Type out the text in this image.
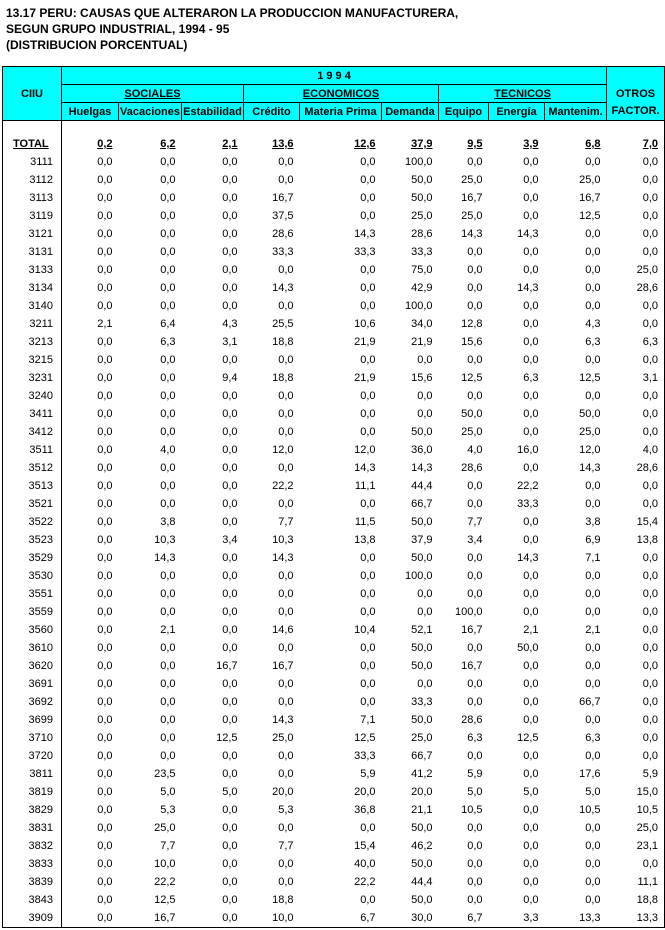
13.17 PERU: CAUSAS QUE ALTERARON LA PRODUCCION MANUFACTURERA,
SEGUN GRUPO INDUSTRIAL, 1994 - 95
(DISTRIBUCION PORCENTUAL)
CIIU	1 9 9 4									
	SOCIALES			ECONOMICOS			TECNICOS			OTROS
	Huelgas	Vacaciones	Estabilidad	Crédito	Materia Prima	Demanda	Equipo	Energía	Mantenim.	FACTOR.

TOTAL	0,2	6,2	2,1	13,6	12,6	37,9	9,5	3,9	6,8	7,0
3111	0,0	0,0	0,0	0,0	0,0	100,0	0,0	0,0	0,0	0,0
3112	0,0	0,0	0,0	0,0	0,0	50,0	25,0	0,0	25,0	0,0
3113	0,0	0,0	0,0	16,7	0,0	50,0	16,7	0,0	16,7	0,0
3119	0,0	0,0	0,0	37,5	0,0	25,0	25,0	0,0	12,5	0,0
3121	0,0	0,0	0,0	28,6	14,3	28,6	14,3	14,3	0,0	0,0
3131	0,0	0,0	0,0	33,3	33,3	33,3	0,0	0,0	0,0	0,0
3133	0,0	0,0	0,0	0,0	0,0	75,0	0,0	0,0	0,0	25,0
3134	0,0	0,0	0,0	14,3	0,0	42,9	0,0	14,3	0,0	28,6
3140	0,0	0,0	0,0	0,0	0,0	100,0	0,0	0,0	0,0	0,0
3211	2,1	6,4	4,3	25,5	10,6	34,0	12,8	0,0	4,3	0,0
3213	0,0	6,3	3,1	18,8	21,9	21,9	15,6	0,0	6,3	6,3
3215	0,0	0,0	0,0	0,0	0,0	0,0	0,0	0,0	0,0	0,0
3231	0,0	0,0	9,4	18,8	21,9	15,6	12,5	6,3	12,5	3,1
3240	0,0	0,0	0,0	0,0	0,0	0,0	0,0	0,0	0,0	0,0
3411	0,0	0,0	0,0	0,0	0,0	0,0	50,0	0,0	50,0	0,0
3412	0,0	0,0	0,0	0,0	0,0	50,0	25,0	0,0	25,0	0,0
3511	0,0	4,0	0,0	12,0	12,0	36,0	4,0	16,0	12,0	4,0
3512	0,0	0,0	0,0	0,0	14,3	14,3	28,6	0,0	14,3	28,6
3513	0,0	0,0	0,0	22,2	11,1	44,4	0,0	22,2	0,0	0,0
3521	0,0	0,0	0,0	0,0	0,0	66,7	0,0	33,3	0,0	0,0
3522	0,0	3,8	0,0	7,7	11,5	50,0	7,7	0,0	3,8	15,4
3523	0,0	10,3	3,4	10,3	13,8	37,9	3,4	0,0	6,9	13,8
3529	0,0	14,3	0,0	14,3	0,0	50,0	0,0	14,3	7,1	0,0
3530	0,0	0,0	0,0	0,0	0,0	100,0	0,0	0,0	0,0	0,0
3551	0,0	0,0	0,0	0,0	0,0	0,0	0,0	0,0	0,0	0,0
3559	0,0	0,0	0,0	0,0	0,0	0,0	100,0	0,0	0,0	0,0
3560	0,0	2,1	0,0	14,6	10,4	52,1	16,7	2,1	2,1	0,0
3610	0,0	0,0	0,0	0,0	0,0	50,0	0,0	50,0	0,0	0,0
3620	0,0	0,0	16,7	16,7	0,0	50,0	16,7	0,0	0,0	0,0
3691	0,0	0,0	0,0	0,0	0,0	0,0	0,0	0,0	0,0	0,0
3692	0,0	0,0	0,0	0,0	0,0	33,3	0,0	0,0	66,7	0,0
3699	0,0	0,0	0,0	14,3	7,1	50,0	28,6	0,0	0,0	0,0
3710	0,0	0,0	12,5	25,0	12,5	25,0	6,3	12,5	6,3	0,0
3720	0,0	0,0	0,0	0,0	33,3	66,7	0,0	0,0	0,0	0,0
3811	0,0	23,5	0,0	0,0	5,9	41,2	5,9	0,0	17,6	5,9
3819	0,0	5,0	5,0	20,0	20,0	20,0	5,0	5,0	5,0	15,0
3829	0,0	5,3	0,0	5,3	36,8	21,1	10,5	0,0	10,5	10,5
3831	0,0	25,0	0,0	0,0	0,0	50,0	0,0	0,0	0,0	25,0
3832	0,0	7,7	0,0	7,7	15,4	46,2	0,0	0,0	0,0	23,1
3833	0,0	10,0	0,0	0,0	40,0	50,0	0,0	0,0	0,0	0,0
3839	0,0	22,2	0,0	0,0	22,2	44,4	0,0	0,0	0,0	11,1
3843	0,0	12,5	0,0	18,8	0,0	50,0	0,0	0,0	0,0	18,8
3909	0,0	16,7	0,0	10,0	6,7	30,0	6,7	3,3	13,3	13,3
